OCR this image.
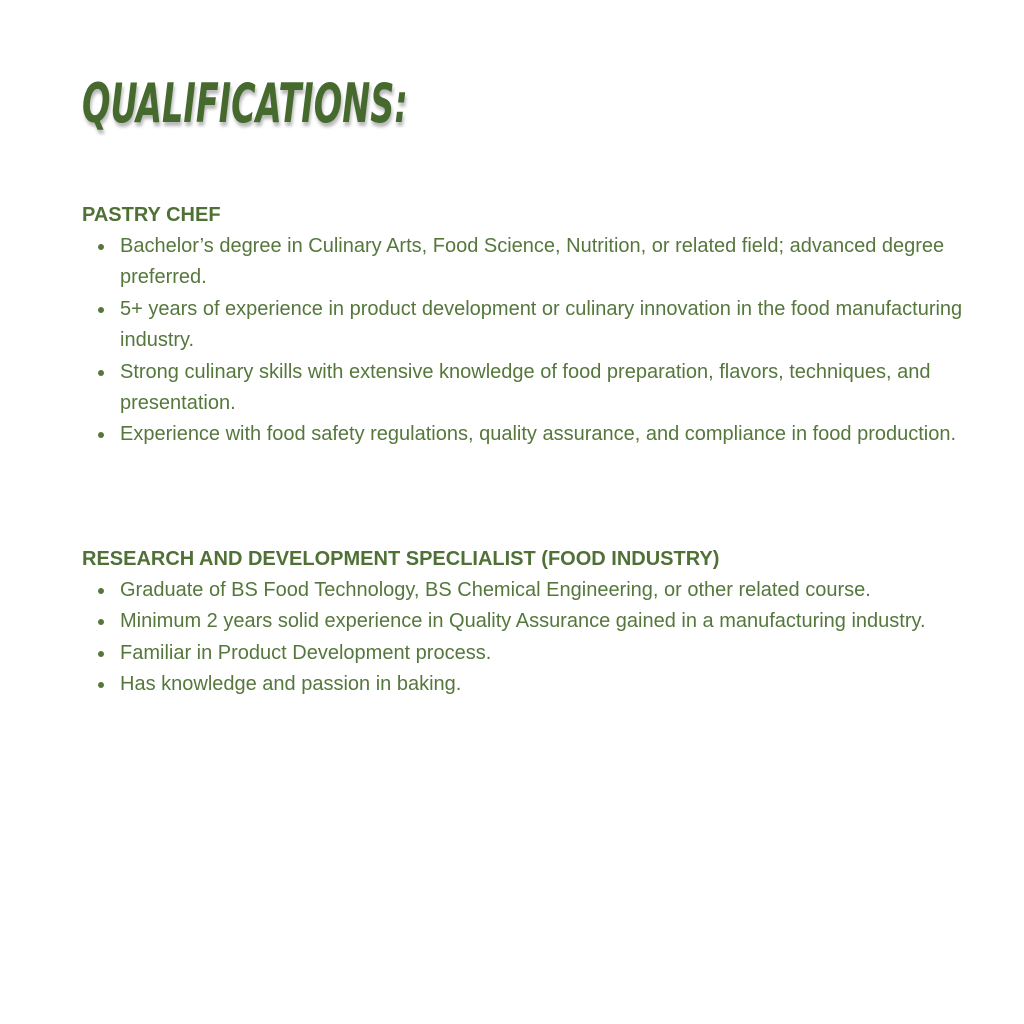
QUALIFICATIONS:
PASTRY CHEF
Bachelor’s degree in Culinary Arts, Food Science, Nutrition, or related field; advanced degree preferred.
5+ years of experience in product development or culinary innovation in the food manufacturing industry.
Strong culinary skills with extensive knowledge of food preparation, flavors, techniques, and presentation.
Experience with food safety regulations, quality assurance, and compliance in food production.
RESEARCH AND DEVELOPMENT SPECLIALIST (FOOD INDUSTRY)
Graduate of BS Food Technology, BS Chemical Engineering, or other related course.
Minimum 2 years solid experience in Quality Assurance gained in a manufacturing industry.
Familiar in Product Development process.
Has knowledge and passion in baking.
